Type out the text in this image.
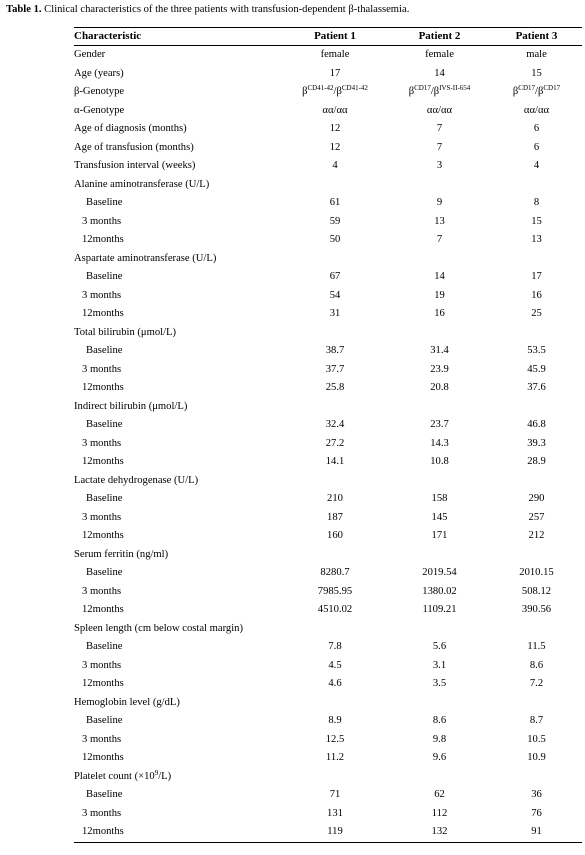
Table 1. Clinical characteristics of the three patients with transfusion-dependent β-thalassemia.
Characteristic	Patient 1	Patient 2	Patient 3
Gender	female	female	male
Age (years)	17	14	15
β-Genotype	$\beta^{CD41-42}/\beta^{CD41-42}$	$\beta^{CD17}/\beta^{IVS-II-654}$	$\beta^{CD17}/\beta^{CD17}$
α-Genotype	αα/αα	αα/αα	αα/αα
Age of diagnosis (months)	12	7	6
Age of transfusion (months)	12	7	6
Transfusion interval (weeks)	4	3	4
Alanine aminotransferase (U/L)			
Baseline	61	9	8
3 months	59	13	15
12months	50	7	13
Aspartate aminotransferase (U/L)			
Baseline	67	14	17
3 months	54	19	16
12months	31	16	25
Total bilirubin (μmol/L)			
Baseline	38.7	31.4	53.5
3 months	37.7	23.9	45.9
12months	25.8	20.8	37.6
Indirect bilirubin (μmol/L)			
Baseline	32.4	23.7	46.8
3 months	27.2	14.3	39.3
12months	14.1	10.8	28.9
Lactate dehydrogenase (U/L)			
Baseline	210	158	290
3 months	187	145	257
12months	160	171	212
Serum ferritin (ng/ml)			
Baseline	8280.7	2019.54	2010.15
3 months	7985.95	1380.02	508.12
12months	4510.02	1109.21	390.56
Spleen length (cm below costal margin)			
Baseline	7.8	5.6	11.5
3 months	4.5	3.1	8.6
12months	4.6	3.5	7.2
Hemoglobin level (g/dL)			
Baseline	8.9	8.6	8.7
3 months	12.5	9.8	10.5
12months	11.2	9.6	10.9
Platelet count $(\times 10^9/L)$			
Baseline	71	62	36
3 months	131	112	76
12months	119	132	91
